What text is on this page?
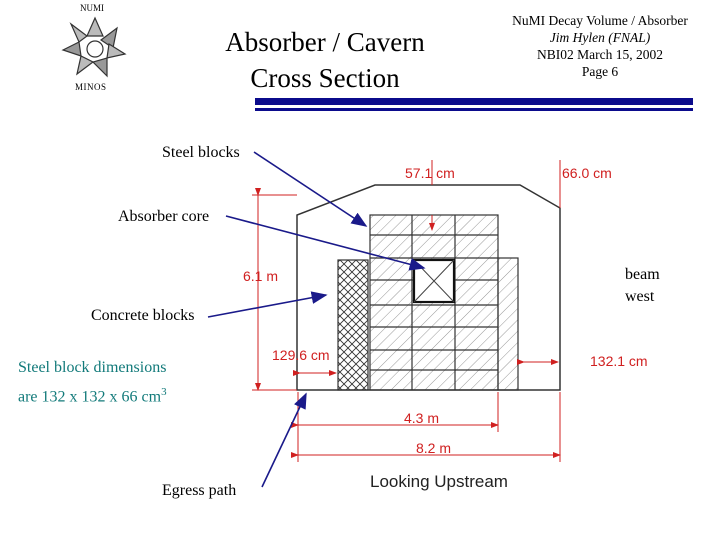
NUMI
MINOS
Absorber / Cavern
Cross Section
NuMI Decay Volume / Absorber
Jim Hylen (FNAL)
NBI02 March 15, 2002
Page 6
57.1 cm	66.0 cm
6.1 m
129.6 cm	132.1 cm
4.3 m
8.2 m
Looking Upstream
Steel blocks
Absorber core
Concrete blocks
Steel block dimensions
are 132 x 132 x 66 $cm^3$
Egress path
beam
west
